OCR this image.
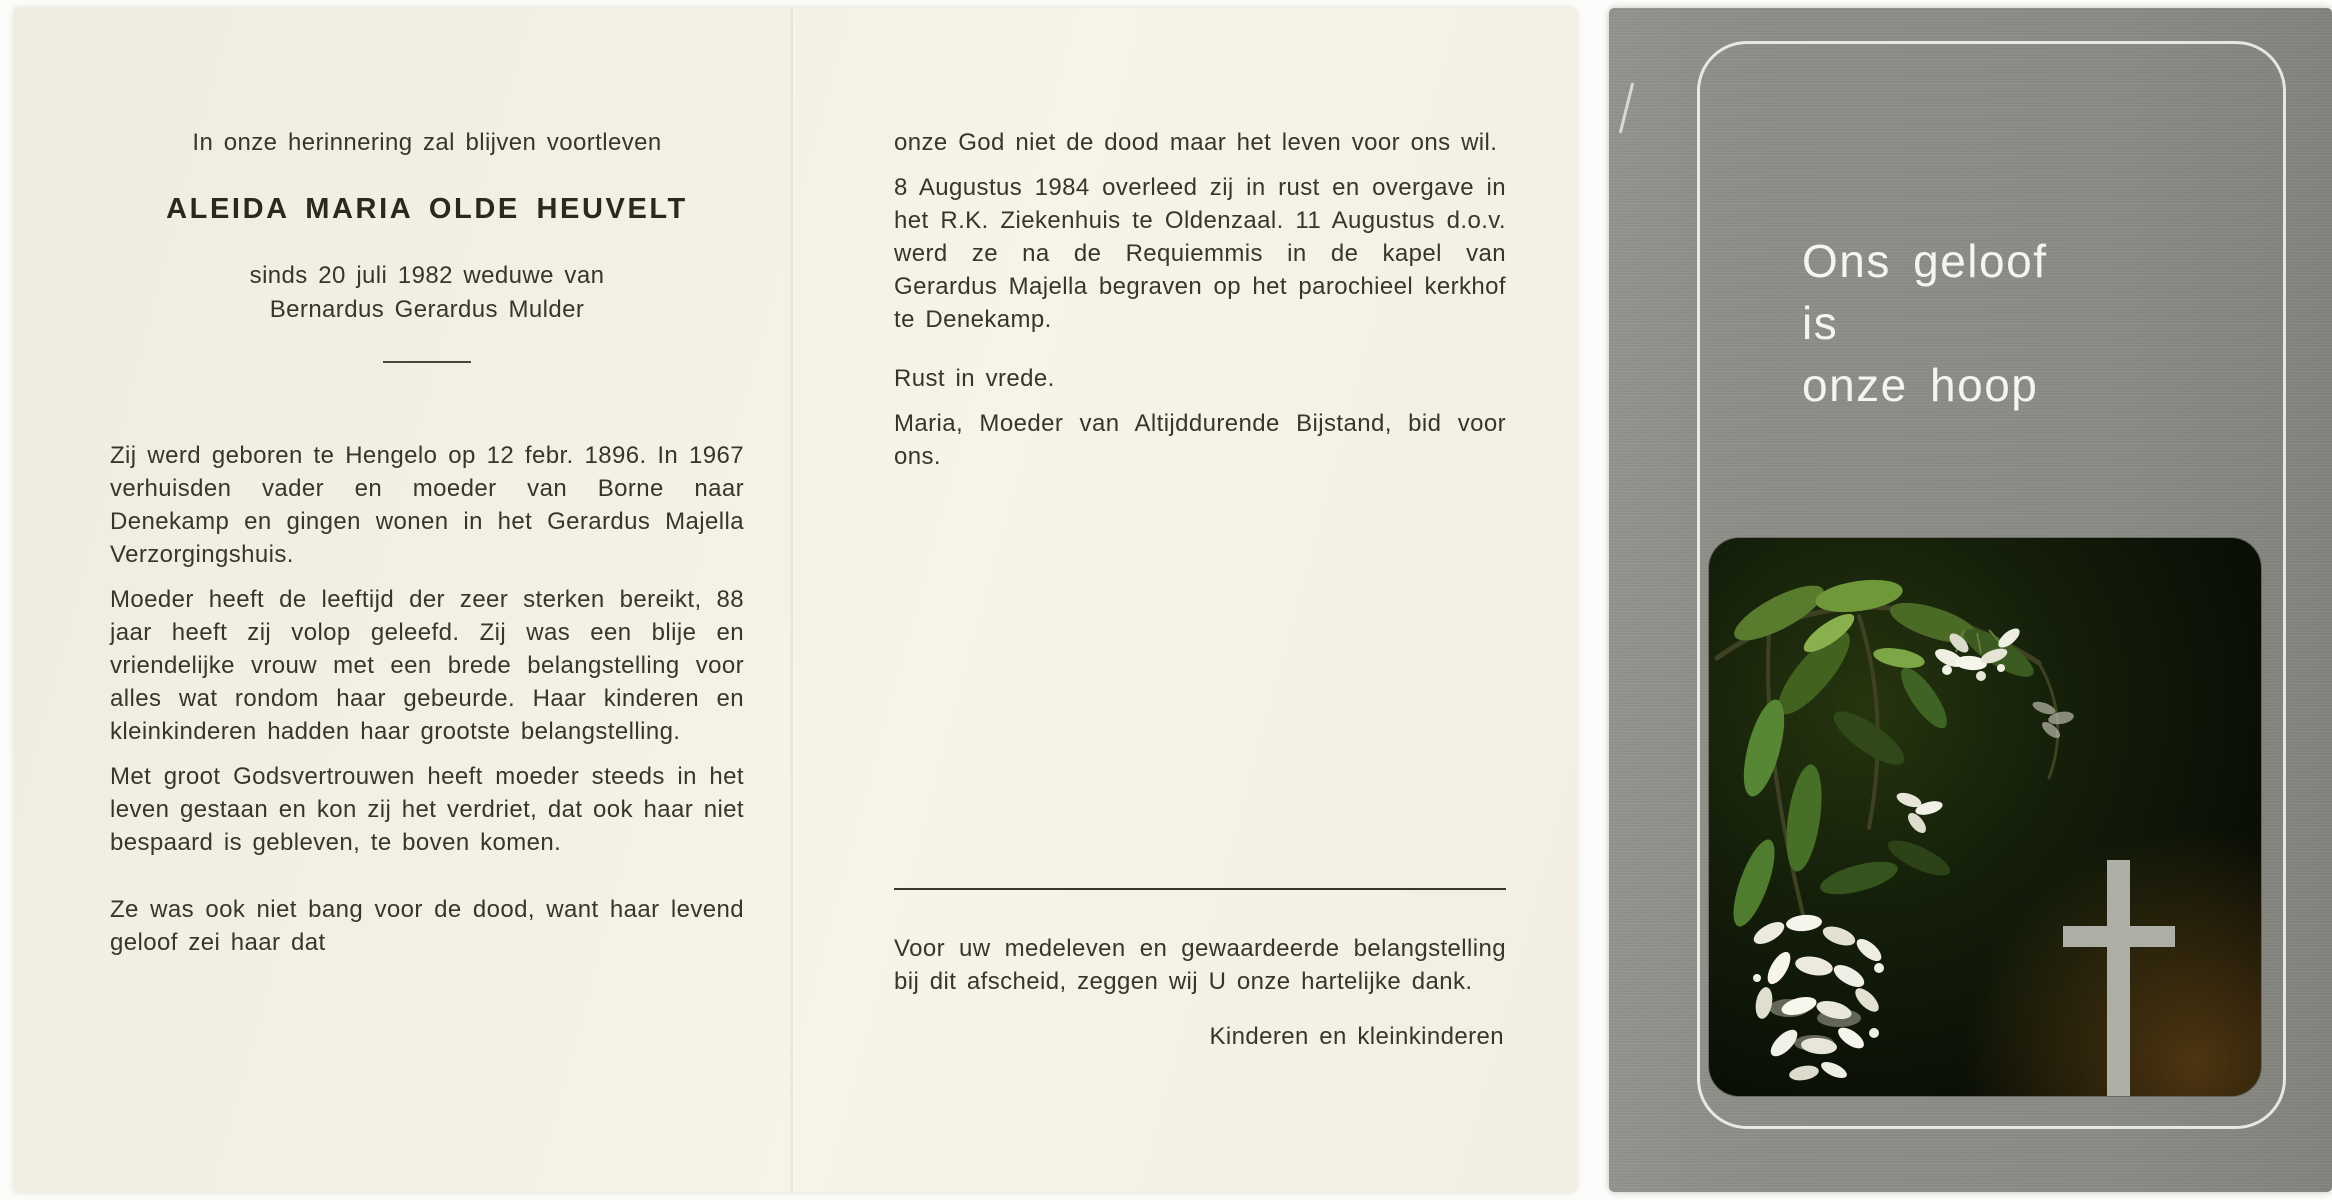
In onze herinnering zal blijven voortleven

ALEIDA MARIA OLDE HEUVELT

sinds 20 juli 1982 weduwe van

Bernardus Gerardus Mulder

Zij werd geboren te Hengelo op 12 febr. 1896. In 1967 verhuisden vader en moeder van Borne naar Denekamp en gingen wonen in het Gerardus Majella Verzorgingshuis.

Moeder heeft de leeftijd der zeer sterken bereikt, 88 jaar heeft zij volop geleefd. Zij was een blije en vriendelijke vrouw met een brede belangstelling voor alles wat rondom haar gebeurde. Haar kinderen en kleinkinderen hadden haar grootste belangstelling.

Met groot Godsvertrouwen heeft moeder steeds in het leven gestaan en kon zij het verdriet, dat ook haar niet bespaard is gebleven, te boven komen.

Ze was ook niet bang voor de dood, want haar levend geloof zei haar dat

onze God niet de dood maar het leven voor ons wil.

8 Augustus 1984 overleed zij in rust en overgave in het R.K. Ziekenhuis te Oldenzaal. 11 Augustus d.o.v. werd ze na de Requiemmis in de kapel van Gerardus Majella begraven op het parochieel kerkhof te Denekamp.

Rust in vrede.

Maria, Moeder van Altijddurende Bijstand, bid voor ons.

Voor uw medeleven en gewaardeerde belangstelling bij dit afscheid, zeggen wij U onze hartelijke dank.

Kinderen en kleinkinderen

Ons geloof
is
onze hoop
